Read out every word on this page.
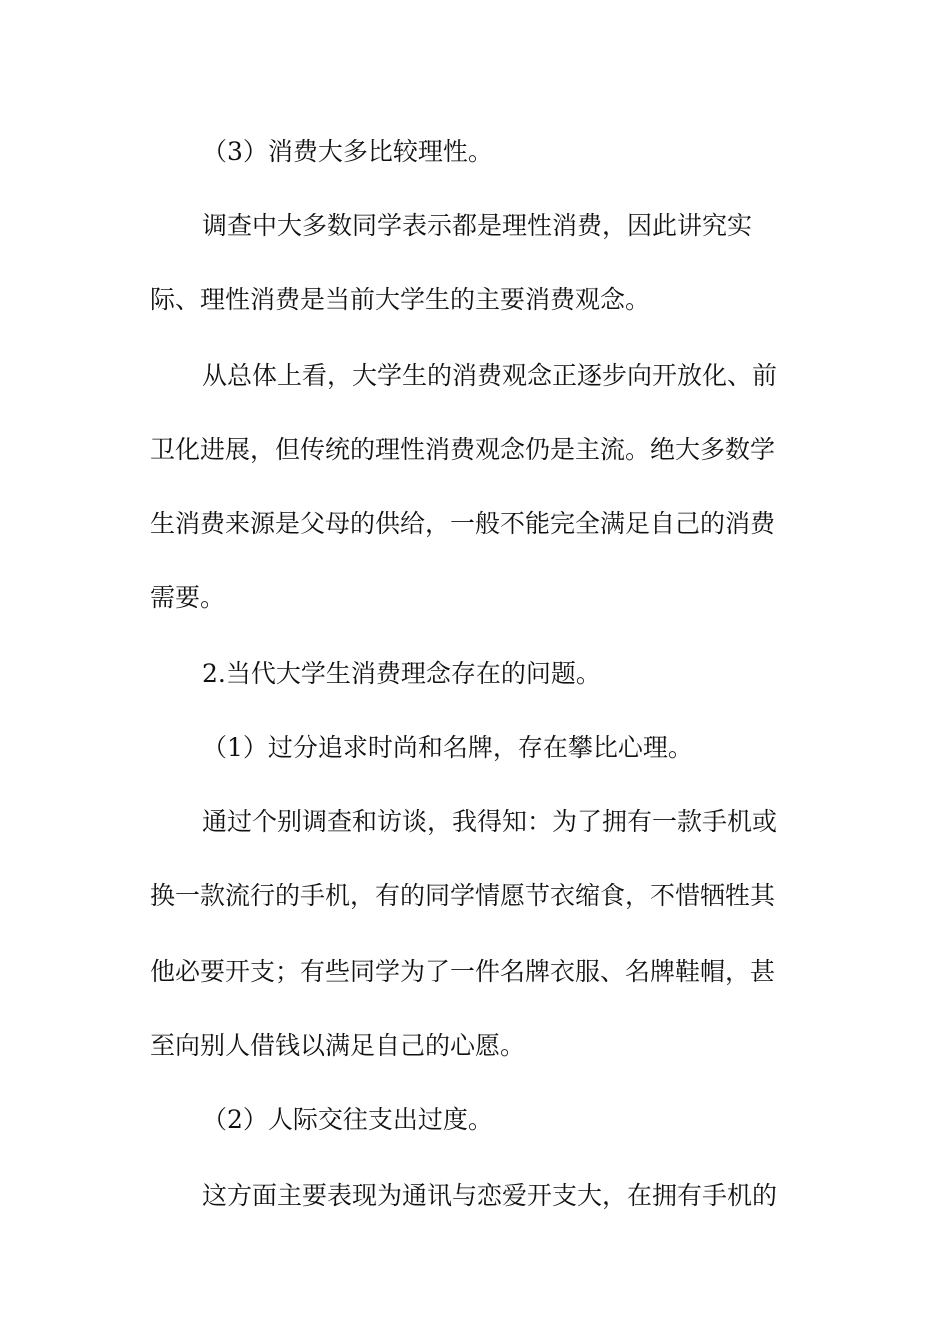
（3）消费大多比较理性。
调查中大多数同学表示都是理性消费，因此讲究实
际、理性消费是当前大学生的主要消费观念。
从总体上看，大学生的消费观念正逐步向开放化、前
卫化进展，但传统的理性消费观念仍是主流。绝大多数学
生消费来源是父母的供给，一般不能完全满足自己的消费
需要。
2.当代大学生消费理念存在的问题。
（1）过分追求时尚和名牌，存在攀比心理。
通过个别调查和访谈，我得知：为了拥有一款手机或
换一款流行的手机，有的同学情愿节衣缩食，不惜牺牲其
他必要开支；有些同学为了一件名牌衣服、名牌鞋帽，甚
至向别人借钱以满足自己的心愿。
（2）人际交往支出过度。
这方面主要表现为通讯与恋爱开支大，在拥有手机的
